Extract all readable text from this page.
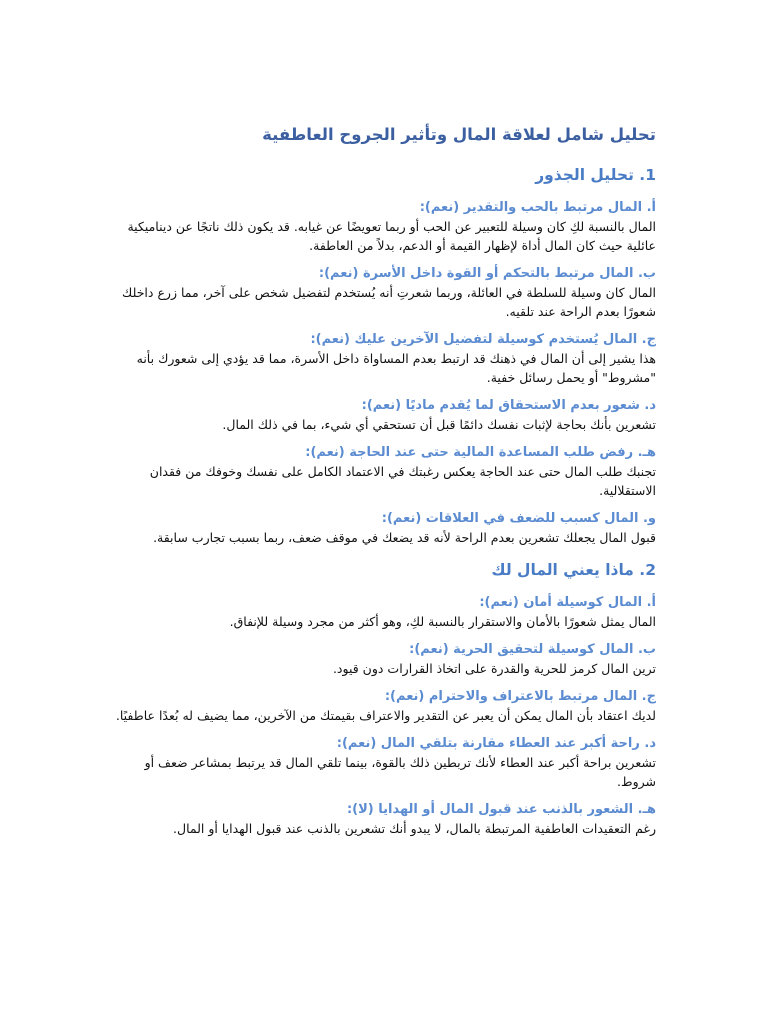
تحليل شامل لعلاقة المال وتأثير الجروح العاطفية
1. تحليل الجذور

أ. المال مرتبط بالحب والتقدير (نعم):

المال بالنسبة لكِ كان وسيلة للتعبير عن الحب أو ربما تعويضًا عن غيابه. قد يكون ذلك ناتجًا عن ديناميكية عائلية حيث كان المال أداة لإظهار القيمة أو الدعم، بدلاً من العاطفة.

ب. المال مرتبط بالتحكم أو القوة داخل الأسرة (نعم):

المال كان وسيلة للسلطة في العائلة، وربما شعرتِ أنه يُستخدم لتفضيل شخص على آخر، مما زرع داخلك شعورًا بعدم الراحة عند تلقيه.

ج. المال يُستخدم كوسيلة لتفضيل الآخرين عليك (نعم):

هذا يشير إلى أن المال في ذهنك قد ارتبط بعدم المساواة داخل الأسرة، مما قد يؤدي إلى شعورك بأنه "مشروط" أو يحمل رسائل خفية.

د. شعور بعدم الاستحقاق لما يُقدم ماديًا (نعم):

تشعرين بأنك بحاجة لإثبات نفسك دائمًا قبل أن تستحقي أي شيء، بما في ذلك المال.

هـ. رفض طلب المساعدة المالية حتى عند الحاجة (نعم):

تجنبك طلب المال حتى عند الحاجة يعكس رغبتك في الاعتماد الكامل على نفسك وخوفك من فقدان الاستقلالية.

و. المال كسبب للضعف في العلاقات (نعم):

قبول المال يجعلك تشعرين بعدم الراحة لأنه قد يضعك في موقف ضعف، ربما بسبب تجارب سابقة.

2. ماذا يعني المال لك

أ. المال كوسيلة أمان (نعم):

المال يمثل شعورًا بالأمان والاستقرار بالنسبة لكِ، وهو أكثر من مجرد وسيلة للإنفاق.

ب. المال كوسيلة لتحقيق الحرية (نعم):

ترين المال كرمز للحرية والقدرة على اتخاذ القرارات دون قيود.

ج. المال مرتبط بالاعتراف والاحترام (نعم):

لديك اعتقاد بأن المال يمكن أن يعبر عن التقدير والاعتراف بقيمتك من الآخرين، مما يضيف له بُعدًا عاطفيًا.

د. راحة أكبر عند العطاء مقارنة بتلقي المال (نعم):

تشعرين براحة أكبر عند العطاء لأنك تربطين ذلك بالقوة، بينما تلقي المال قد يرتبط بمشاعر ضعف أو شروط.

هـ. الشعور بالذنب عند قبول المال أو الهدايا (لا):

رغم التعقيدات العاطفية المرتبطة بالمال، لا يبدو أنك تشعرين بالذنب عند قبول الهدايا أو المال.
